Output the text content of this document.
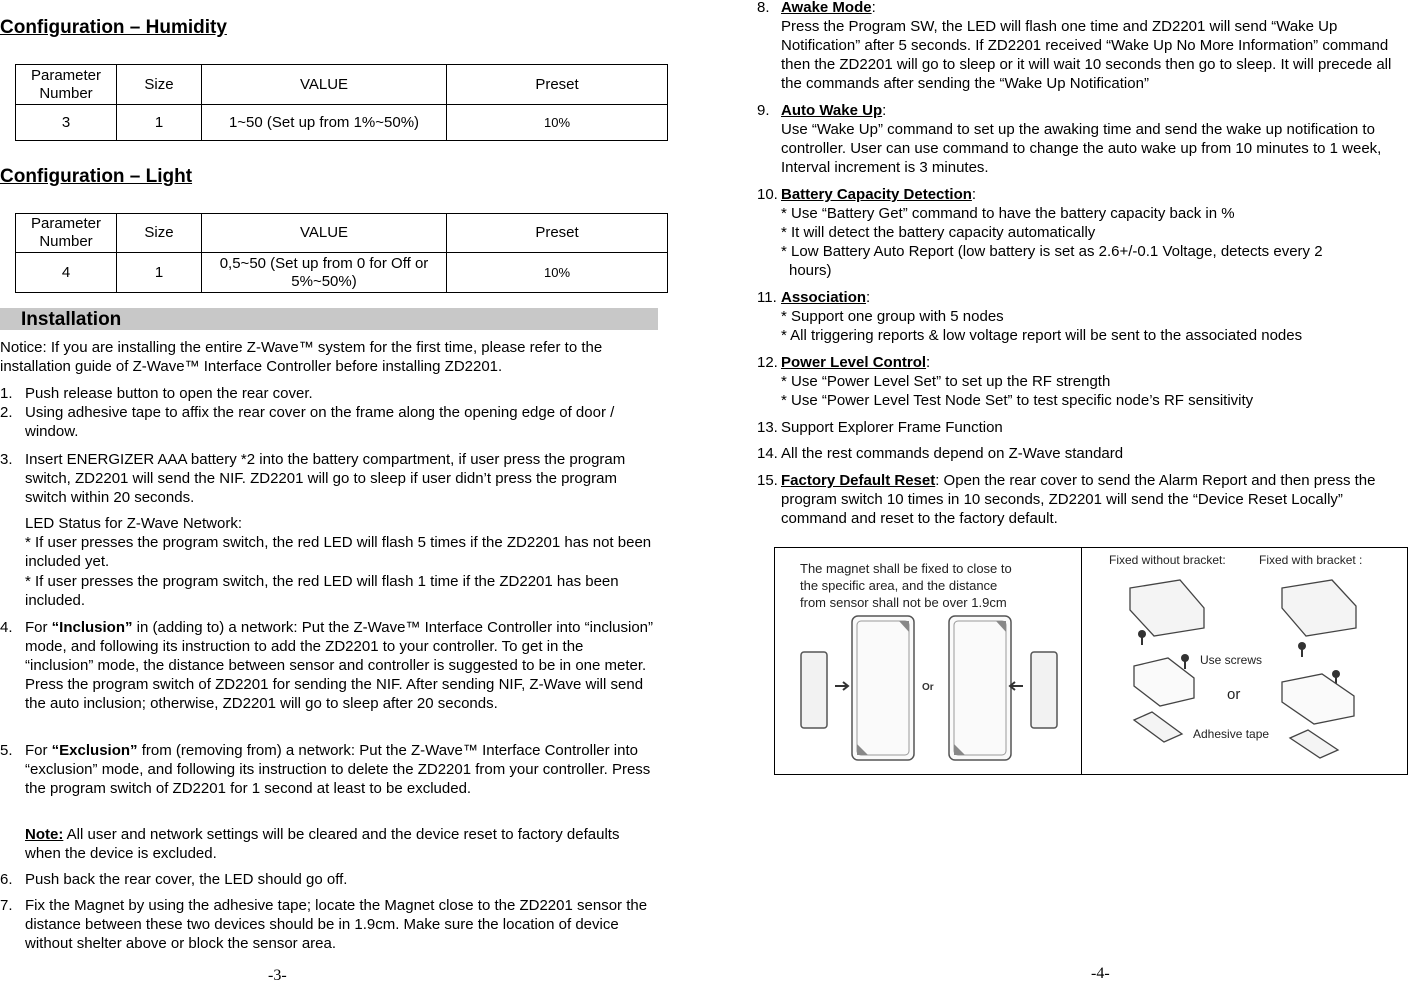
Configuration – Humidity
Parameter Number	Size	VALUE	Preset
3	1	1~50 (Set up from 1%~50%)	10%
Configuration – Light
Parameter Number	Size	VALUE	Preset
4	1	0,5~50 (Set up from 0 for Off or 5%~50%)	10%
Installation

Notice: If you are installing the entire Z-Wave™ system for the first time, please refer to the installation guide of Z-Wave™ Interface Controller before installing ZD2201.

1. Push release button to open the rear cover.

2. Using adhesive tape to affix the rear cover on the frame along the opening edge of door / window.

3. Insert ENERGIZER AAA battery *2 into the battery compartment, if user press the program switch, ZD2201 will send the NIF. ZD2201 will go to sleep if user didn’t press the program switch within 20 seconds.

LED Status for Z-Wave Network:

* If user presses the program switch, the red LED will flash 5 times if the ZD2201 has not been included yet.

* If user presses the program switch, the red LED will flash 1 time if the ZD2201 has been included.

4. For “Inclusion” in (adding to) a network: Put the Z-Wave™ Interface Controller into “inclusion” mode, and following its instruction to add the ZD2201 to your controller. To get in the “inclusion” mode, the distance between sensor and controller is suggested to be in one meter. Press the program switch of ZD2201 for sending the NIF. After sending NIF, Z-Wave will send the auto inclusion; otherwise, ZD2201 will go to sleep after 20 seconds.

5. For “Exclusion” from (removing from) a network: Put the Z-Wave™ Interface Controller into “exclusion” mode, and following its instruction to delete the ZD2201 from your controller. Press the program switch of ZD2201 for 1 second at least to be excluded.

Note: All user and network settings will be cleared and the device reset to factory defaults when the device is excluded.

6. Push back the rear cover, the LED should go off.

7. Fix the Magnet by using the adhesive tape; locate the Magnet close to the ZD2201 sensor the distance between these two devices should be in 1.9cm. Make sure the location of device without shelter above or block the sensor area.

-3-
8. Awake Mode:

Press the Program SW, the LED will flash one time and ZD2201 will send “Wake Up Notification” after 5 seconds. If ZD2201 received “Wake Up No More Information” command then the ZD2201 will go to sleep or it will wait 10 seconds then go to sleep. It will precede all the commands after sending the “Wake Up Notification”

9. Auto Wake Up:

Use “Wake Up” command to set up the awaking time and send the wake up notification to controller. User can use command to change the auto wake up from 10 minutes to 1 week, Interval increment is 3 minutes.

10. Battery Capacity Detection:

* Use “Battery Get” command to have the battery capacity back in %

* It will detect the battery capacity automatically

* Low Battery Auto Report (low battery is set as 2.6+/-0.1 Voltage, detects every 2

hours)

11. Association:

* Support one group with 5 nodes

* All triggering reports & low voltage report will be sent to the associated nodes

12. Power Level Control:

* Use “Power Level Set” to set up the RF strength

* Use “Power Level Test Node Set” to test specific node’s RF sensitivity

13. Support Explorer Frame Function

14. All the rest commands depend on Z-Wave standard

15. Factory Default Reset: Open the rear cover to send the Alarm Report and then press the program switch 10 times in 10 seconds, ZD2201 will send the “Device Reset Locally” command and reset to the factory default.

The magnet shall be fixed to close to
the specific area, and the distance
from sensor shall not be over 1.9cm
Or
Fixed without bracket:	Fixed with bracket :
Use screws
or
Adhesive tape
-4-
